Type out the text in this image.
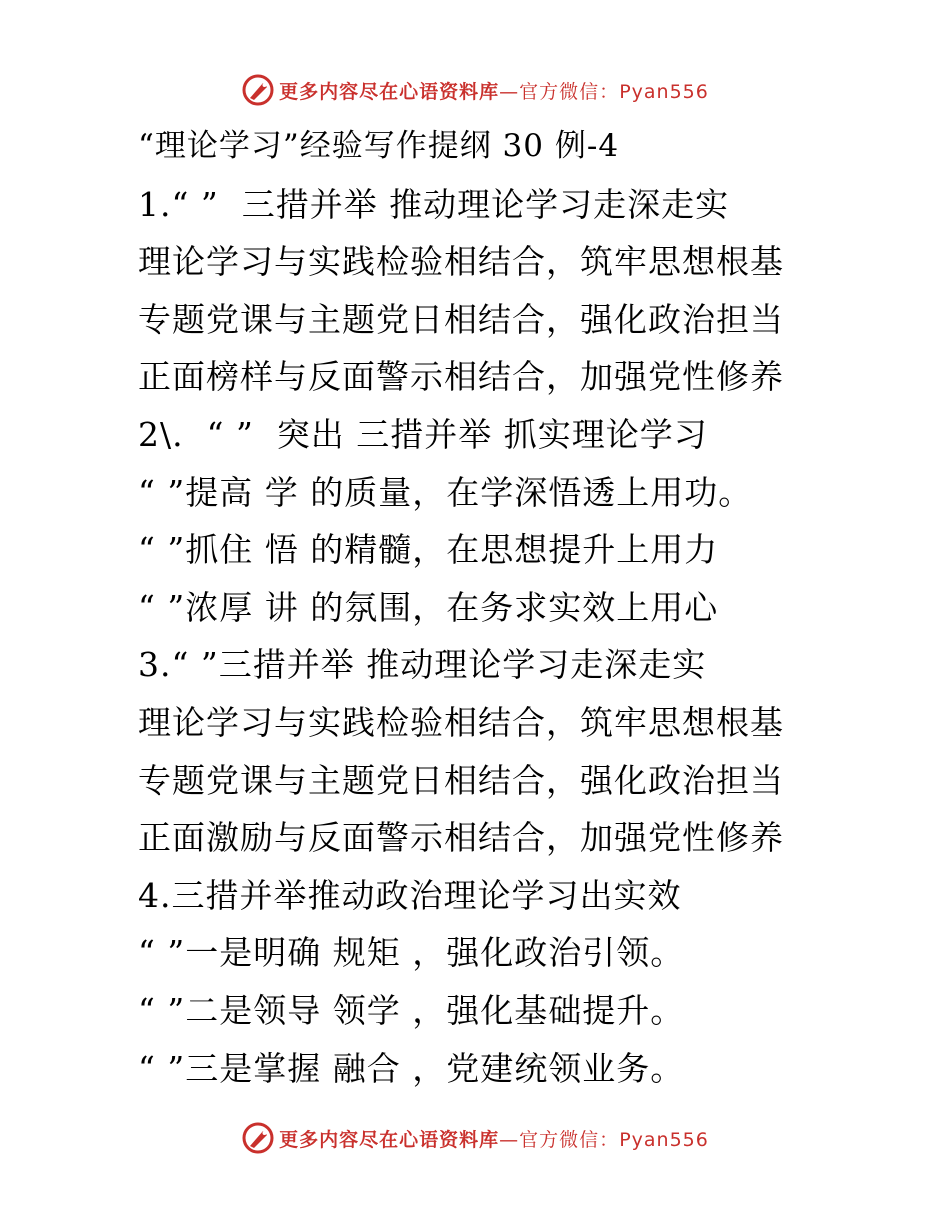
更多内容尽在心语资料库—官方微信：Pyan556
“理论学习”经验写作提纲 30 例-4
1.“ ”  三措并举 推动理论学习走深走实
理论学习与实践检验相结合，筑牢思想根基
专题党课与主题党日相结合，强化政治担当
正面榜样与反面警示相结合，加强党性修养
2\.  “ ”  突出 三措并举 抓实理论学习
“ ”提高 学 的质量，在学深悟透上用功。
“ ”抓住 悟 的精髓，在思想提升上用力
“ ”浓厚 讲 的氛围，在务求实效上用心
3.“ ”三措并举 推动理论学习走深走实
理论学习与实践检验相结合，筑牢思想根基
专题党课与主题党日相结合，强化政治担当
正面激励与反面警示相结合，加强党性修养
4.三措并举推动政治理论学习出实效
“ ”一是明确 规矩 ，强化政治引领。
“ ”二是领导 领学 ，强化基础提升。
“ ”三是掌握 融合 ，党建统领业务。
更多内容尽在心语资料库—官方微信：Pyan556
